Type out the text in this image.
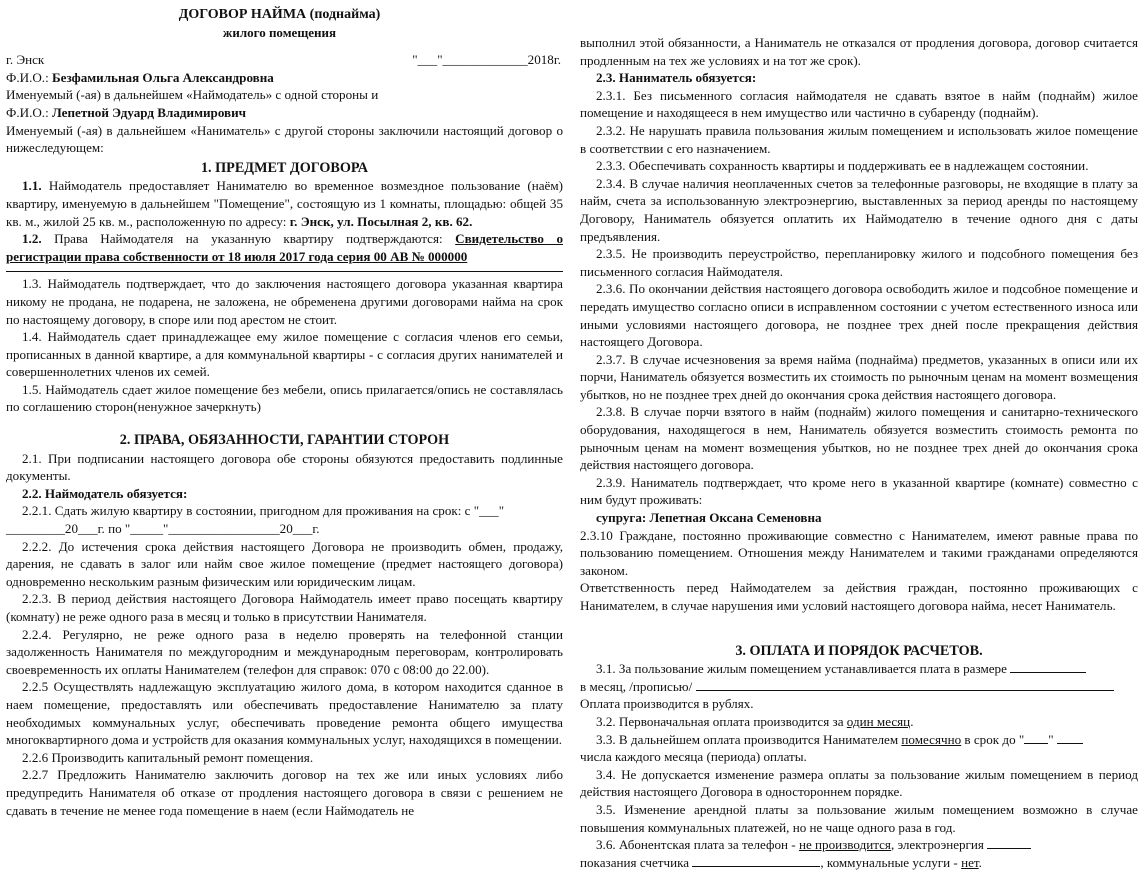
ДОГОВОР НАЙМА (поднайма)

жилого помещения

г. Энск	"___"_____________2018г.

Ф.И.О.: Безфамильная Ольга Александровна

Именуемый (-ая) в дальнейшем «Наймодатель» с одной стороны и

Ф.И.О.: Лепетной Эдуард Владимирович

Именуемый (-ая) в дальнейшем «Наниматель» с другой стороны заключили настоящий договор о нижеследующем:

1. ПРЕДМЕТ ДОГОВОРА

1.1. Наймодатель предоставляет Нанимателю во временное возмездное пользование (наём) квартиру, именуемую в дальнейшем "Помещение", состоящую из 1 комнаты, площадью: общей 35 кв. м., жилой 25 кв. м., расположенную по адресу: г. Энск, ул. Посылная 2, кв. 62.

1.2. Права Наймодателя на указанную квартиру подтверждаются: Свидетельство о регистрации права собственности от 18 июля 2017 года серия 00 АВ № 000000

1.3. Наймодатель подтверждает, что до заключения настоящего договора указанная квартира никому не продана, не подарена, не заложена, не обременена другими договорами найма на срок по настоящему договору, в споре или под арестом не стоит.

1.4. Наймодатель сдает принадлежащее ему жилое помещение с согласия членов его семьи, прописанных в данной квартире, а для коммунальной квартиры - с согласия других нанимателей и совершеннолетних членов их семей.

1.5. Наймодатель сдает жилое помещение без мебели, опись прилагается/опись не составлялась по соглашению сторон(ненужное зачеркнуть)

2. ПРАВА, ОБЯЗАННОСТИ, ГАРАНТИИ СТОРОН

2.1. При подписании настоящего договора обе стороны обязуются предоставить подлинные документы.

2.2. Наймодатель обязуется:

2.2.1. Сдать жилую квартиру в состоянии, пригодном для проживания на срок: с "___"
_________20___г. по "_____"_________________20___г.

2.2.2. До истечения срока действия настоящего Договора не производить обмен, продажу, дарения, не сдавать в залог или найм свое жилое помещение (предмет настоящего договора) одновременно нескольким разным физическим или юридическим лицам.

2.2.3. В период действия настоящего Договора Наймодатель имеет право посещать квартиру (комнату) не реже одного раза в месяц и только в присутствии Нанимателя.

2.2.4. Регулярно, не реже одного раза в неделю проверять на телефонной станции задолженность Нанимателя по междугородним и международным переговорам, контролировать своевременность их оплаты Нанимателем (телефон для справок: 070 с 08:00 до 22.00).

2.2.5 Осуществлять надлежащую эксплуатацию жилого дома, в котором находится сданное в наем помещение, предоставлять или обеспечивать предоставление Нанимателю за плату необходимых коммунальных услуг, обеспечивать проведение ремонта общего имущества многоквартирного дома и устройств для оказания коммунальных услуг, находящихся в помещении.

2.2.6 Производить капитальный ремонт помещения.

2.2.7 Предложить Нанимателю заключить договор на тех же или иных условиях либо предупредить Нанимателя об отказе от продления настоящего договора в связи с решением не сдавать в течение не менее года помещение в наем (если Наймодатель не

выполнил этой обязанности, а Наниматель не отказался от продления договора, договор считается продленным на тех же условиях и на тот же срок).

2.3. Наниматель обязуется:

2.3.1. Без письменного согласия наймодателя не сдавать взятое в найм (поднайм) жилое помещение и находящееся в нем имущество или частично в субаренду (поднайм).

2.3.2. Не нарушать правила пользования жилым помещением и использовать жилое помещение в соответствии с его назначением.

2.3.3. Обеспечивать сохранность квартиры и поддерживать ее в надлежащем состоянии.

2.3.4. В случае наличия неоплаченных счетов за телефонные разговоры, не входящие в плату за найм, счета за использованную электроэнергию, выставленных за период аренды по настоящему Договору, Наниматель обязуется оплатить их Наймодателю в течение одного дня с даты предъявления.

2.3.5. Не производить переустройство, перепланировку жилого и подсобного помещения без письменного согласия Наймодателя.

2.3.6. По окончании действия настоящего договора освободить жилое и подсобное помещение и передать имущество согласно описи в исправленном состоянии с учетом естественного износа или иными условиями настоящего договора, не позднее трех дней после прекращения действия настоящего Договора.

2.3.7. В случае исчезновения за время найма (поднайма) предметов, указанных в описи или их порчи, Наниматель обязуется возместить их стоимость по рыночным ценам на момент возмещения убытков, но не позднее трех дней до окончания срока действия настоящего договора.

2.3.8. В случае порчи взятого в найм (поднайм) жилого помещения и санитарно-технического оборудования, находящегося в нем, Наниматель обязуется возместить стоимость ремонта по рыночным ценам на момент возмещения убытков, но не позднее трех дней до окончания срока действия настоящего договора.

2.3.9. Наниматель подтверждает, что кроме него в указанной квартире (комнате) совместно с ним будут проживать:

супруга: Лепетная Оксана Семеновна

2.3.10 Граждане, постоянно проживающие совместно с Нанимателем, имеют равные права по пользованию помещением. Отношения между Нанимателем и такими гражданами определяются законом.

Ответственность перед Наймодателем за действия граждан, постоянно проживающих с Нанимателем, в случае нарушения ими условий настоящего договора найма, несет Наниматель.

3. ОПЛАТА И ПОРЯДОК РАСЧЕТОВ.

3.1. За пользование жилым помещением устанавливается плата в размере

в месяц, /прописью/

Оплата производится в рублях.

3.2. Первоначальная оплата производится за один месяц.

3.3. В дальнейшем оплата производится Нанимателем помесячно в срок до " "

числа каждого месяца (периода) оплаты.

3.4. Не допускается изменение размера оплаты за пользование жилым помещением в период действия настоящего Договора в одностороннем порядке.

3.5. Изменение арендной платы за пользование жилым помещением возможно в случае повышения коммунальных платежей, но не чаще одного раза в год.

3.6. Абонентская плата за телефон - не производится, электроэнергия

показания счетчика	, коммунальные услуги - нет.
